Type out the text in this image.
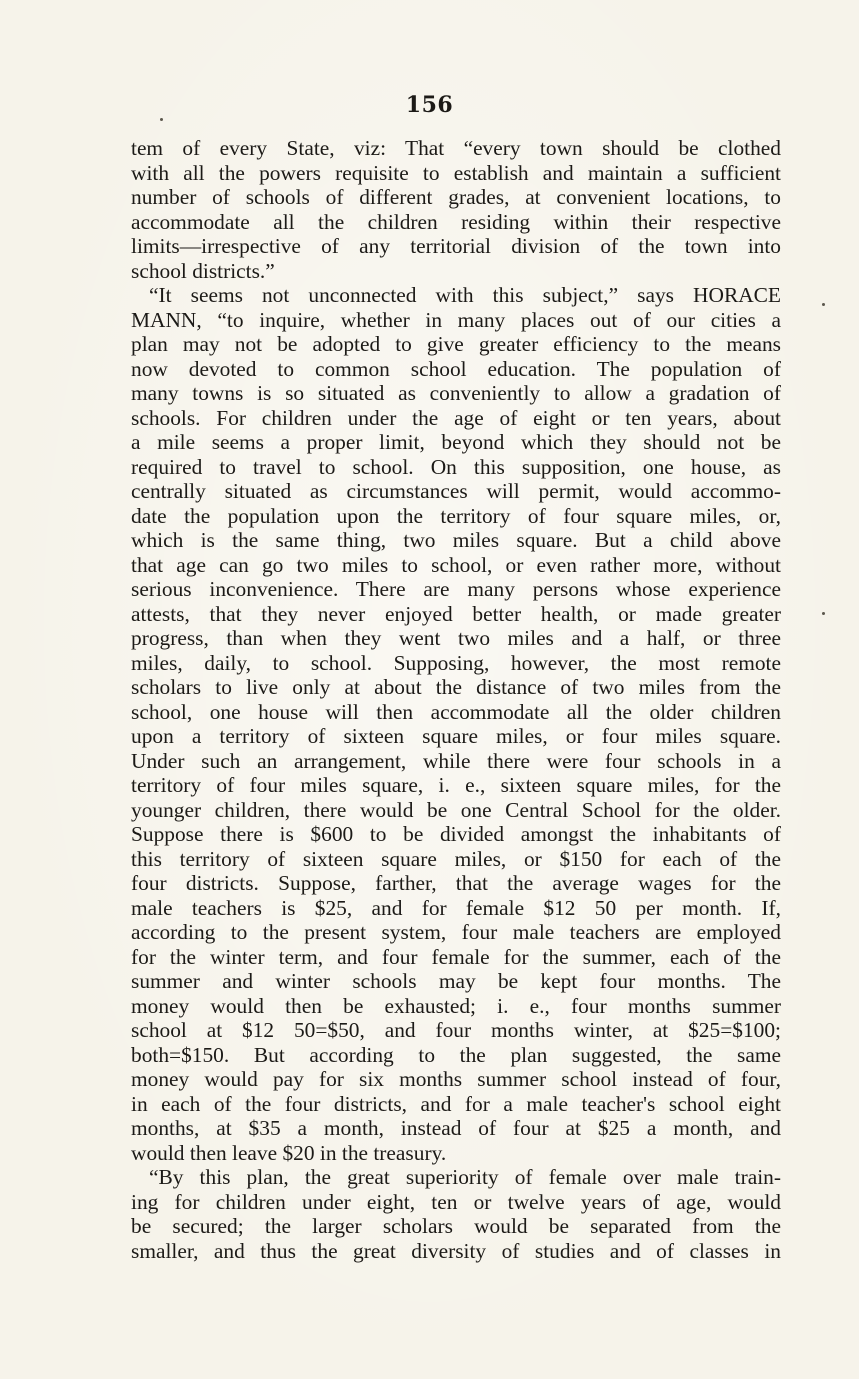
156
tem of every State, viz: That “every town should be clothed
with all the powers requisite to establish and maintain a sufficient
number of schools of different grades, at convenient locations, to
accommodate all the children residing within their respective
limits—irrespective of any territorial division of the town into
school districts.”
“It seems not unconnected with this subject,” says HORACE
MANN, “to inquire, whether in many places out of our cities a
plan may not be adopted to give greater efficiency to the means
now devoted to common school education. The population of
many towns is so situated as conveniently to allow a gradation of
schools. For children under the age of eight or ten years, about
a mile seems a proper limit, beyond which they should not be
required to travel to school. On this supposition, one house, as
centrally situated as circumstances will permit, would accommo-
date the population upon the territory of four square miles, or,
which is the same thing, two miles square. But a child above
that age can go two miles to school, or even rather more, without
serious inconvenience. There are many persons whose experience
attests, that they never enjoyed better health, or made greater
progress, than when they went two miles and a half, or three
miles, daily, to school. Supposing, however, the most remote
scholars to live only at about the distance of two miles from the
school, one house will then accommodate all the older children
upon a territory of sixteen square miles, or four miles square.
Under such an arrangement, while there were four schools in a
territory of four miles square, i. e., sixteen square miles, for the
younger children, there would be one Central School for the older.
Suppose there is $600 to be divided amongst the inhabitants of
this territory of sixteen square miles, or $150 for each of the
four districts. Suppose, farther, that the average wages for the
male teachers is $25, and for female $12 50 per month. If,
according to the present system, four male teachers are employed
for the winter term, and four female for the summer, each of the
summer and winter schools may be kept four months. The
money would then be exhausted; i. e., four months summer
school at $12 50=$50, and four months winter, at $25=$100;
both=$150. But according to the plan suggested, the same
money would pay for six months summer school instead of four,
in each of the four districts, and for a male teacher's school eight
months, at $35 a month, instead of four at $25 a month, and
would then leave $20 in the treasury.
“By this plan, the great superiority of female over male train-
ing for children under eight, ten or twelve years of age, would
be secured; the larger scholars would be separated from the
smaller, and thus the great diversity of studies and of classes in
